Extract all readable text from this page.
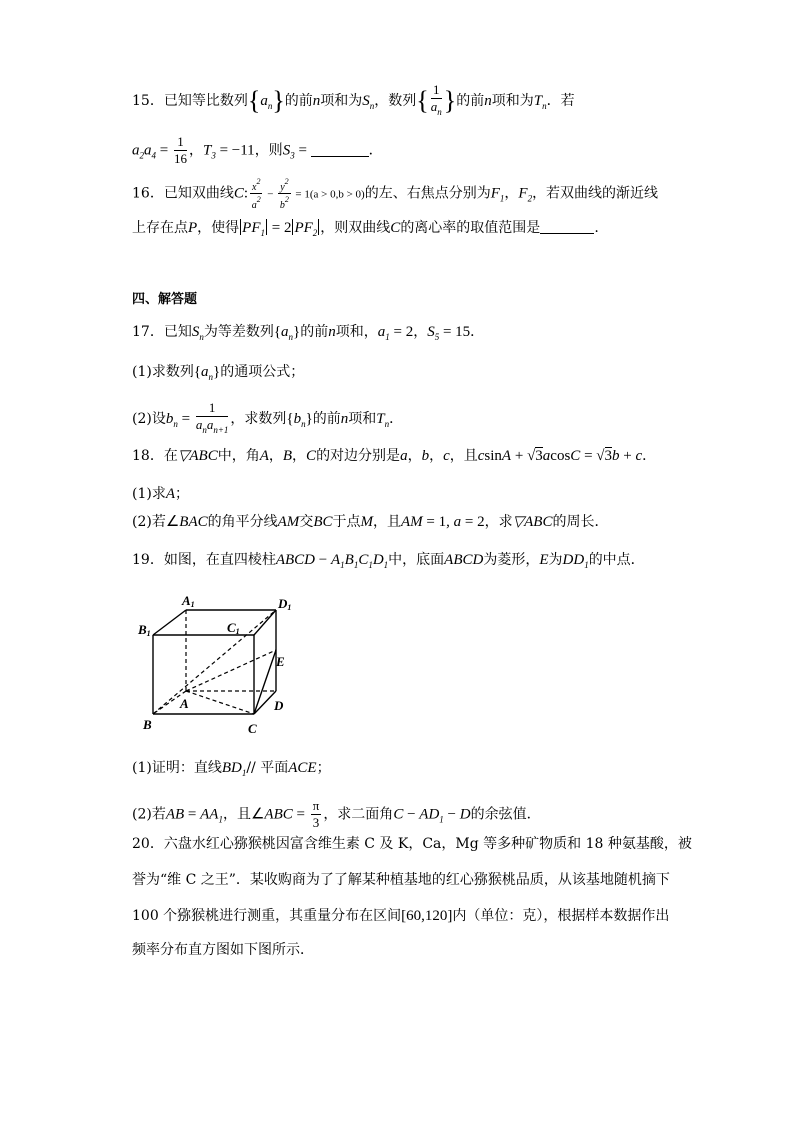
15．已知等比数列$\{a_n\}$的前n项和为$S_n$，数列{ $\frac{1}{a_n}$ }的前n项和为$T_n$．若
$a_2a_4 = \frac{1}{16}$ ，$T_3 = -11$，则$S_3$ =	．
16．已知双曲线C: $\frac{x^2}{a^2} - \frac{y^2}{b^2} = 1(a > 0,b > 0)$的左、右焦点分别为$F_1$，$F_2$，若双曲线的渐近线
上存在点P，使得 $PF_1 = 2$ $PF_2$ ，则双曲线C的离心率的取值范围是	.
四、解答题
17．已知$S_n$为等差数列$\{a_n\}$的前n项和，$a_1 = 2$，$S_5 = 15$．
(1)求数列$\{a_n\}$的通项公式；
(2)设$b_n = \frac{1}{a_na_{n+1}}$ ，求数列$\{b_n\}$的前n项和$T_n$．
18．在▽ABC中，角A，B，C的对边分别是a，b，c，且csinA + √3acosC = √3b + c．
(1)求A；
(2)若∠BAC的角平分线AM交BC于点M，且AM = 1, a = 2，求▽ABC的周长．
19．如图，在直四棱柱ABCD − $A_1B_1C_1D_1$中，底面ABCD为菱形，E为$DD_1$的中点．
A1
B1	C1
D1
A
B	C
D
E
(1)证明：直线$BD_1//$ 平面ACE；
(2)若AB = $AA_1$，且∠ABC = $\frac{\pi}{3}$ ，求二面角$C - AD_1 - D$的余弦值．
20．六盘水红心猕猴桃因富含维生素 C 及 K，Ca，Mg 等多种矿物质和 18 种氨基酸，被
誉为“维 C 之王”．某收购商为了了解某种植基地的红心猕猴桃品质，从该基地随机摘下
100 个猕猴桃进行测重，其重量分布在区间[60,120]内（单位：克），根据样本数据作出
频率分布直方图如下图所示．
